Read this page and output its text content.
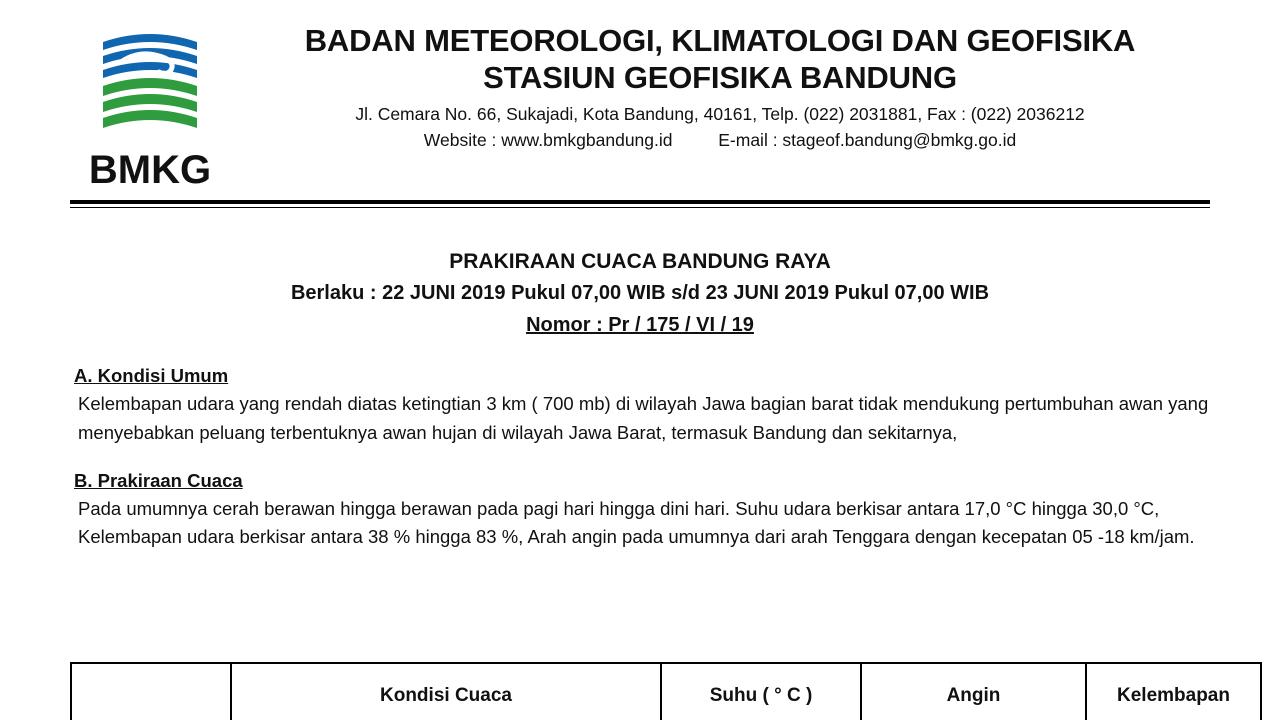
BMKG
BADAN METEOROLOGI, KLIMATOLOGI DAN GEOFISIKA
STASIUN GEOFISIKA BANDUNG
Jl. Cemara No. 66, Sukajadi, Kota Bandung, 40161, Telp. (022) 2031881, Fax : (022) 2036212
Website : www.bmkgbandung.id	E-mail : stageof.bandung@bmkg.go.id
PRAKIRAAN CUACA BANDUNG RAYA
Berlaku : 22 JUNI 2019 Pukul 07,00 WIB s/d 23 JUNI 2019 Pukul 07,00 WIB
Nomor : Pr / 175 / VI / 19
A. Kondisi Umum
Kelembapan udara yang rendah diatas ketingtian 3 km ( 700 mb) di wilayah Jawa bagian barat tidak mendukung pertumbuhan awan yang menyebabkan peluang terbentuknya awan hujan di wilayah Jawa Barat, termasuk Bandung dan sekitarnya,
B. Prakiraan Cuaca
Pada umumnya cerah berawan hingga berawan pada pagi hari hingga dini hari. Suhu udara berkisar antara 17,0 °C hingga 30,0 °C, Kelembapan udara berkisar antara 38 % hingga 83 %, Arah angin pada umumnya dari arah Tenggara dengan kecepatan 05 -18 km/jam.
	Kondisi Cuaca	Suhu ( ° C )	Angin	Kelembapan
